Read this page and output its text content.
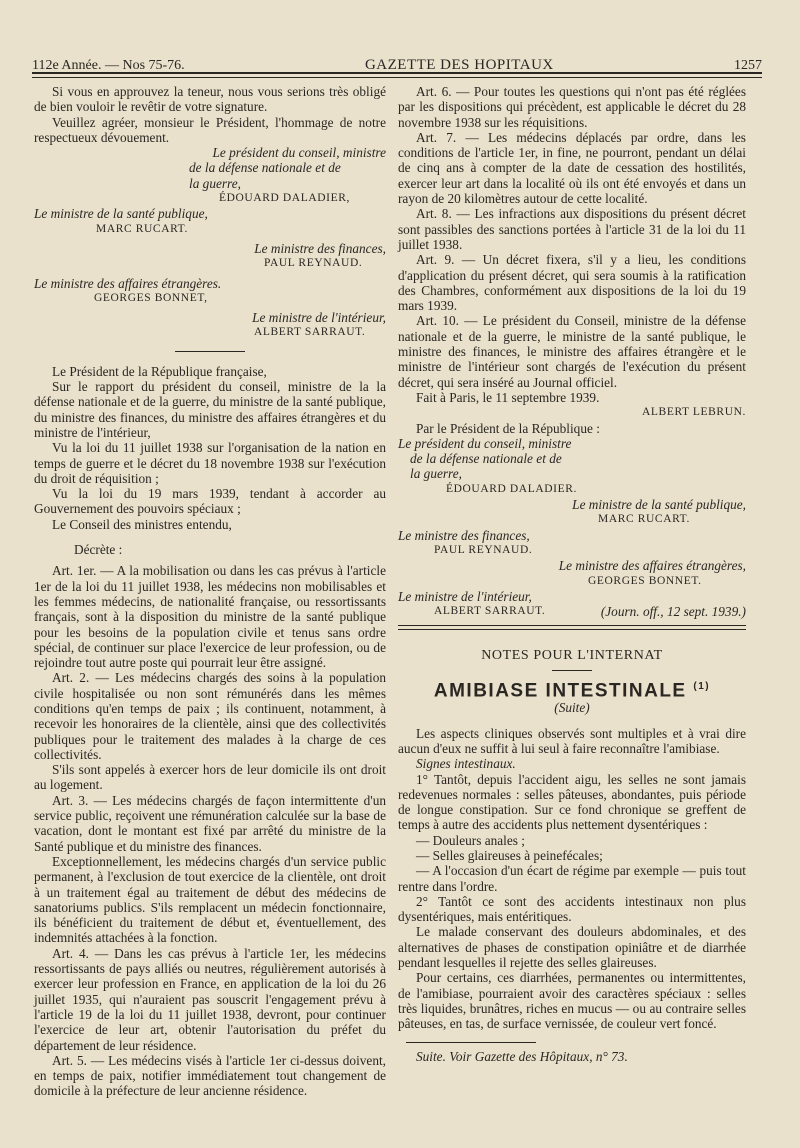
112e Année. — Nos 75-76.	GAZETTE DES HOPITAUX	1257

Si vous en approuvez la teneur, nous vous serions très obligé de bien vouloir le revêtir de votre signature.

Veuillez agréer, monsieur le Président, l'hommage de notre respectueux dévouement.

Le président du conseil, ministre
de la défense nationale et de
la guerre,
ÉDOUARD DALADIER,
Le ministre de la santé publique,
MARC RUCART.
Le ministre des finances,
PAUL REYNAUD.
Le ministre des affaires étrangères.
GEORGES BONNET,
Le ministre de l'intérieur,
ALBERT SARRAUT.

Le Président de la République française,

Sur le rapport du président du conseil, ministre de la la défense nationale et de la guerre, du ministre de la santé publique, du ministre des finances, du ministre des affaires étrangères et du ministre de l'intérieur,

Vu la loi du 11 juillet 1938 sur l'organisation de la nation en temps de guerre et le décret du 18 novembre 1938 sur l'exécution du droit de réquisition ;

Vu la loi du 19 mars 1939, tendant à accorder au Gouvernement des pouvoirs spéciaux ;

Le Conseil des ministres entendu,

Décrète :

Art. 1er. — A la mobilisation ou dans les cas prévus à l'article 1er de la loi du 11 juillet 1938, les médecins non mobilisables et les femmes médecins, de nationalité française, ou ressortissants français, sont à la disposition du ministre de la santé publique pour les besoins de la population civile et tenus sans ordre spécial, de continuer sur place l'exercice de leur profession, ou de rejoindre tout autre poste qui pourrait leur être assigné.

Art. 2. — Les médecins chargés des soins à la population civile hospitalisée ou non sont rémunérés dans les mêmes conditions qu'en temps de paix ; ils continuent, notamment, à recevoir les honoraires de la clientèle, ainsi que des collectivités publiques pour le traitement des malades à la charge de ces collectivités.

S'ils sont appelés à exercer hors de leur domicile ils ont droit au logement.

Art. 3. — Les médecins chargés de façon intermittente d'un service public, reçoivent une rémunération calculée sur la base de vacation, dont le montant est fixé par arrêté du ministre de la Santé publique et du ministre des finances.

Exceptionnellement, les médecins chargés d'un service public permanent, à l'exclusion de tout exercice de la clientèle, ont droit à un traitement égal au traitement de début des médecins de sanatoriums publics. S'ils remplacent un médecin fonctionnaire, ils bénéficient du traitement de début et, éventuellement, des indemnités attachées à la fonction.

Art. 4. — Dans les cas prévus à l'article 1er, les médecins ressortissants de pays alliés ou neutres, régulièrement autorisés à exercer leur profession en France, en application de la loi du 26 juillet 1935, qui n'auraient pas souscrit l'engagement prévu à l'article 19 de la loi du 11 juillet 1938, devront, pour continuer l'exercice de leur art, obtenir l'autorisation du préfet du département de leur résidence.

Art. 5. — Les médecins visés à l'article 1er ci-dessus doivent, en temps de paix, notifier immédiatement tout changement de domicile à la préfecture de leur ancienne résidence.

Art. 6. — Pour toutes les questions qui n'ont pas été réglées par les dispositions qui précèdent, est applicable le décret du 28 novembre 1938 sur les réquisitions.

Art. 7. — Les médecins déplacés par ordre, dans les conditions de l'article 1er, in fine, ne pourront, pendant un délai de cinq ans à compter de la date de cessation des hostilités, exercer leur art dans la localité où ils ont été envoyés et dans un rayon de 20 kilomètres autour de cette localité.

Art. 8. — Les infractions aux dispositions du présent décret sont passibles des sanctions portées à l'article 31 de la loi du 11 juillet 1938.

Art. 9. — Un décret fixera, s'il y a lieu, les conditions d'application du présent décret, qui sera soumis à la ratification des Chambres, conformément aux dispositions de la loi du 19 mars 1939.

Art. 10. — Le président du Conseil, ministre de la défense nationale et de la guerre, le ministre de la santé publique, le ministre des finances, le ministre des affaires étrangère et le ministre de l'intérieur sont chargés de l'exécution du présent décret, qui sera inséré au Journal officiel.

Fait à Paris, le 11 septembre 1939.

ALBERT LEBRUN.

Par le Président de la République :

Le président du conseil, ministre
de la défense nationale et de
la guerre,
ÉDOUARD DALADIER.
Le ministre de la santé publique,
MARC RUCART.
Le ministre des finances,
PAUL REYNAUD.
Le ministre des affaires étrangères,
GEORGES BONNET.
Le ministre de l'intérieur,
ALBERT SARRAUT.	(Journ. off., 12 sept. 1939.)
NOTES POUR L'INTERNAT
AMIBIASE INTESTINALE $^{(1)}$
(Suite)

Les aspects cliniques observés sont multiples et à vrai dire aucun d'eux ne suffit à lui seul à faire reconnaître l'amibiase.

Signes intestinaux.

1° Tantôt, depuis l'accident aigu, les selles ne sont jamais redevenues normales : selles pâteuses, abondantes, puis période de longue constipation. Sur ce fond chronique se greffent de temps à autre des accidents plus nettement dysentériques :

— Douleurs anales ;

— Selles glaireuses à peinefécales;

— A l'occasion d'un écart de régime par exemple — puis tout rentre dans l'ordre.

2° Tantôt ce sont des accidents intestinaux non plus dysentériques, mais entéritiques.

Le malade conservant des douleurs abdominales, et des alternatives de phases de constipation opiniâtre et de diarrhée pendant lesquelles il rejette des selles glaireuses.

Pour certains, ces diarrhées, permanentes ou intermittentes, de l'amibiase, pourraient avoir des caractères spéciaux : selles très liquides, brunâtres, riches en mucus — ou au contraire selles pâteuses, en tas, de surface vernissée, de couleur vert foncé.

Suite. Voir Gazette des Hôpitaux, n° 73.
